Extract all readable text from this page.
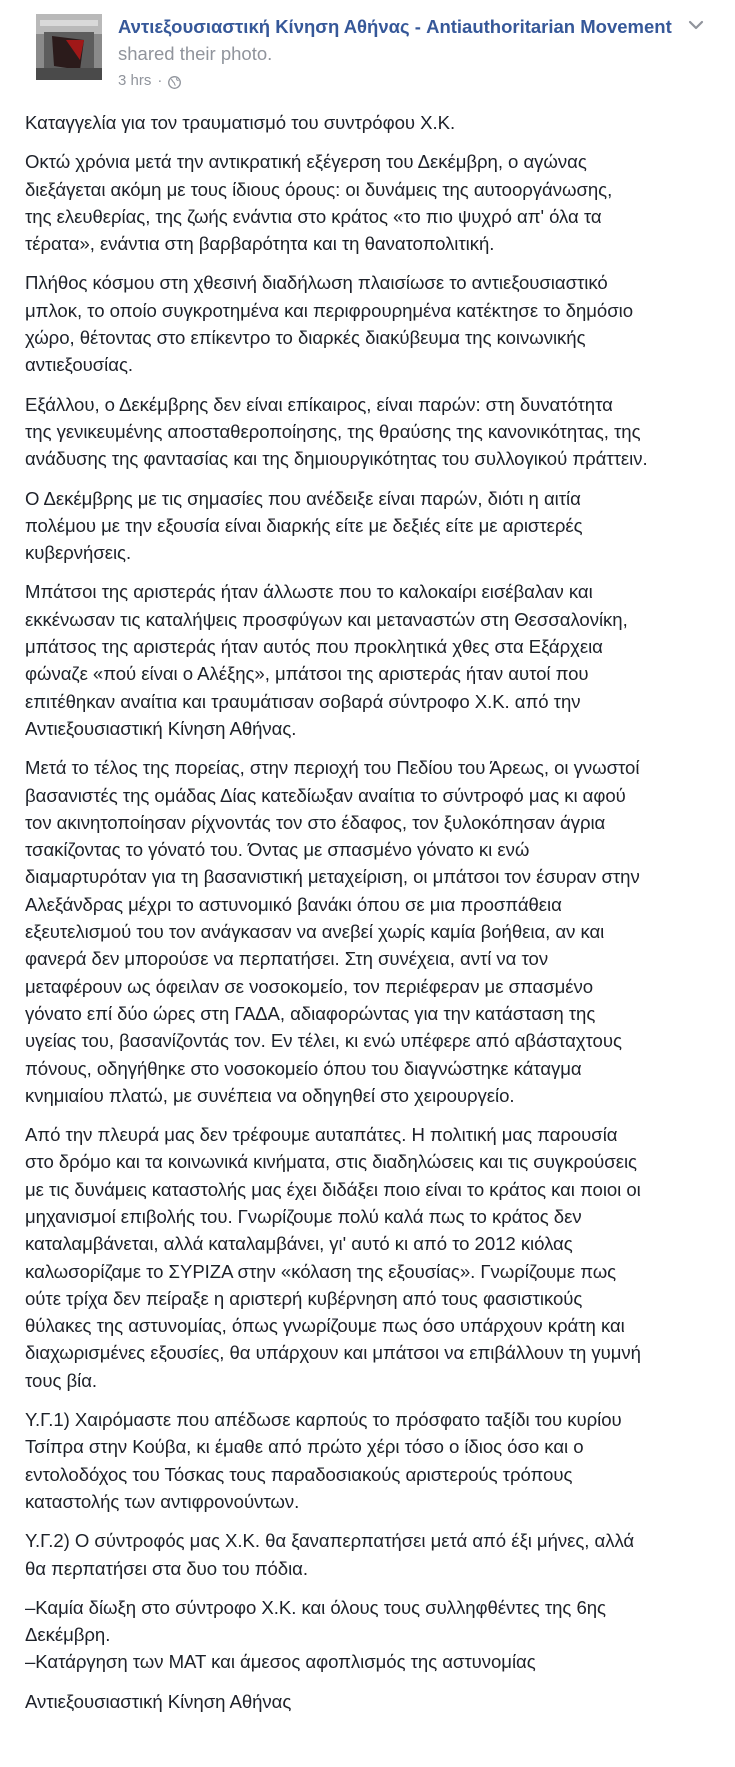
Αντιεξουσιαστική Κίνηση Αθήνας - Antiauthoritarian Movement shared their photo.
3 hrs ·

Καταγγελία για τον τραυματισμό του συντρόφου Χ.Κ.

Οκτώ χρόνια μετά την αντικρατική εξέγερση του Δεκέμβρη, ο αγώνας
διεξάγεται ακόμη με τους ίδιους όρους: οι δυνάμεις της αυτοοργάνωσης,
της ελευθερίας, της ζωής ενάντια στο κράτος «το πιο ψυχρό απ' όλα τα
τέρατα», ενάντια στη βαρβαρότητα και τη θανατοπολιτική.

Πλήθος κόσμου στη χθεσινή διαδήλωση πλαισίωσε το αντιεξουσιαστικό
μπλοκ, το οποίο συγκροτημένα και περιφρουρημένα κατέκτησε το δημόσιο
χώρο, θέτοντας στο επίκεντρο το διαρκές διακύβευμα της κοινωνικής
αντιεξουσίας.

Εξάλλου, ο Δεκέμβρης δεν είναι επίκαιρος, είναι παρών: στη δυνατότητα
της γενικευμένης αποσταθεροποίησης, της θραύσης της κανονικότητας, της
ανάδυσης της φαντασίας και της δημιουργικότητας του συλλογικού πράττειν.

Ο Δεκέμβρης με τις σημασίες που ανέδειξε είναι παρών, διότι η αιτία
πολέμου με την εξουσία είναι διαρκής είτε με δεξιές είτε με αριστερές
κυβερνήσεις.

Μπάτσοι της αριστεράς ήταν άλλωστε που το καλοκαίρι εισέβαλαν και
εκκένωσαν τις καταλήψεις προσφύγων και μεταναστών στη Θεσσαλονίκη,
μπάτσος της αριστεράς ήταν αυτός που προκλητικά χθες στα Εξάρχεια
φώναζε «πού είναι ο Αλέξης», μπάτσοι της αριστεράς ήταν αυτοί που
επιτέθηκαν αναίτια και τραυμάτισαν σοβαρά σύντροφο Χ.Κ. από την
Αντιεξουσιαστική Κίνηση Αθήνας.

Μετά το τέλος της πορείας, στην περιοχή του Πεδίου του Άρεως, οι γνωστοί
βασανιστές της ομάδας Δίας κατεδίωξαν αναίτια το σύντροφό μας κι αφού
τον ακινητοποίησαν ρίχνοντάς τον στο έδαφος, τον ξυλοκόπησαν άγρια
τσακίζοντας το γόνατό του. Όντας με σπασμένο γόνατο κι ενώ
διαμαρτυρόταν για τη βασανιστική μεταχείριση, οι μπάτσοι τον έσυραν στην
Αλεξάνδρας μέχρι το αστυνομικό βανάκι όπου σε μια προσπάθεια
εξευτελισμού του τον ανάγκασαν να ανεβεί χωρίς καμία βοήθεια, αν και
φανερά δεν μπορούσε να περπατήσει. Στη συνέχεια, αντί να τον
μεταφέρουν ως όφειλαν σε νοσοκομείο, τον περιέφεραν με σπασμένο
γόνατο επί δύο ώρες στη ΓΑΔΑ, αδιαφορώντας για την κατάσταση της
υγείας του, βασανίζοντάς τον. Εν τέλει, κι ενώ υπέφερε από αβάσταχτους
πόνους, οδηγήθηκε στο νοσοκομείο όπου του διαγνώστηκε κάταγμα
κνημιαίου πλατώ, με συνέπεια να οδηγηθεί στο χειρουργείο.

Από την πλευρά μας δεν τρέφουμε αυταπάτες. Η πολιτική μας παρουσία
στο δρόμο και τα κοινωνικά κινήματα, στις διαδηλώσεις και τις συγκρούσεις
με τις δυνάμεις καταστολής μας έχει διδάξει ποιο είναι το κράτος και ποιοι οι
μηχανισμοί επιβολής του. Γνωρίζουμε πολύ καλά πως το κράτος δεν
καταλαμβάνεται, αλλά καταλαμβάνει, γι' αυτό κι από το 2012 κιόλας
καλωσορίζαμε το ΣΥΡΙΖΑ στην «κόλαση της εξουσίας». Γνωρίζουμε πως
ούτε τρίχα δεν πείραξε η αριστερή κυβέρνηση από τους φασιστικούς
θύλακες της αστυνομίας, όπως γνωρίζουμε πως όσο υπάρχουν κράτη και
διαχωρισμένες εξουσίες, θα υπάρχουν και μπάτσοι να επιβάλλουν τη γυμνή
τους βία.

Υ.Γ.1) Χαιρόμαστε που απέδωσε καρπούς το πρόσφατο ταξίδι του κυρίου
Τσίπρα στην Κούβα, κι έμαθε από πρώτο χέρι τόσο ο ίδιος όσο και ο
εντολοδόχος του Τόσκας τους παραδοσιακούς αριστερούς τρόπους
καταστολής των αντιφρονούντων.

Υ.Γ.2) Ο σύντροφός μας Χ.Κ. θα ξαναπερπατήσει μετά από έξι μήνες, αλλά
θα περπατήσει στα δυο του πόδια.

–Καμία δίωξη στο σύντροφο Χ.Κ. και όλους τους συλληφθέντες της 6ης
Δεκέμβρη.
–Κατάργηση των ΜΑΤ και άμεσος αφοπλισμός της αστυνομίας

Αντιεξουσιαστική Κίνηση Αθήνας
